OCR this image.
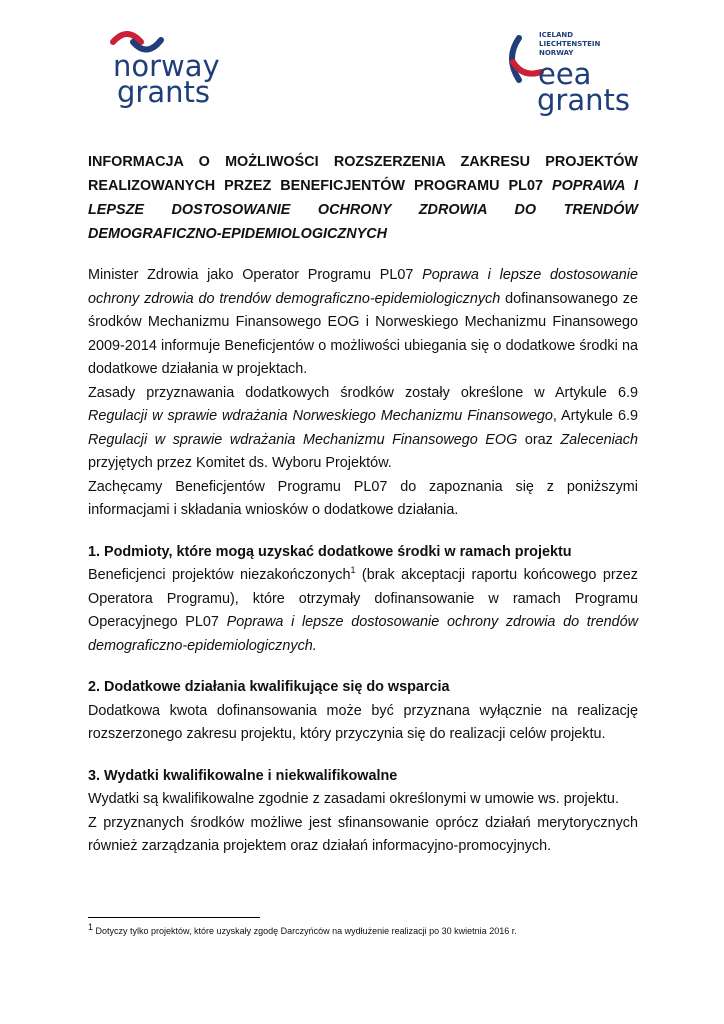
norway
grants
ICELAND
LIECHTENSTEIN
NORWAY
eea
grants
INFORMACJA O MOŻLIWOŚCI ROZSZERZENIA ZAKRESU PROJEKTÓW REALIZOWANYCH PRZEZ BENEFICJENTÓW PROGRAMU PL07 POPRAWA I LEPSZE DOSTOSOWANIE OCHRONY ZDROWIA DO TRENDÓW DEMOGRAFICZNO-EPIDEMIOLOGICZNYCH

Minister Zdrowia jako Operator Programu PL07 Poprawa i lepsze dostosowanie ochrony zdrowia do trendów demograficzno-epidemiologicznych dofinansowanego ze środków Mechanizmu Finansowego EOG i Norweskiego Mechanizmu Finansowego 2009-2014 informuje Beneficjentów o możliwości ubiegania się o dodatkowe środki na dodatkowe działania w projektach.

Zasady przyznawania dodatkowych środków zostały określone w Artykule 6.9 Regulacji w sprawie wdrażania Norweskiego Mechanizmu Finansowego, Artykule 6.9 Regulacji w sprawie wdrażania Mechanizmu Finansowego EOG oraz Zaleceniach przyjętych przez Komitet ds. Wyboru Projektów.

Zachęcamy Beneficjentów Programu PL07 do zapoznania się z poniższymi informacjami i składania wniosków o dodatkowe działania.

1. Podmioty, które mogą uzyskać dodatkowe środki w ramach projektu

Beneficjenci projektów niezakończonych$^1$ (brak akceptacji raportu końcowego przez Operatora Programu), które otrzymały dofinansowanie w ramach Programu Operacyjnego PL07 Poprawa i lepsze dostosowanie ochrony zdrowia do trendów demograficzno-epidemiologicznych.

2. Dodatkowe działania kwalifikujące się do wsparcia

Dodatkowa kwota dofinansowania może być przyznana wyłącznie na realizację rozszerzonego zakresu projektu, który przyczynia się do realizacji celów projektu.

3. Wydatki kwalifikowalne i niekwalifikowalne

Wydatki są kwalifikowalne zgodnie z zasadami określonymi w umowie ws. projektu.

Z przyznanych środków możliwe jest sfinansowanie oprócz działań merytorycznych również zarządzania projektem oraz działań informacyjno-promocyjnych.

$^1$ Dotyczy tylko projektów, które uzyskały zgodę Darczyńców na wydłużenie realizacji po 30 kwietnia 2016 r.
